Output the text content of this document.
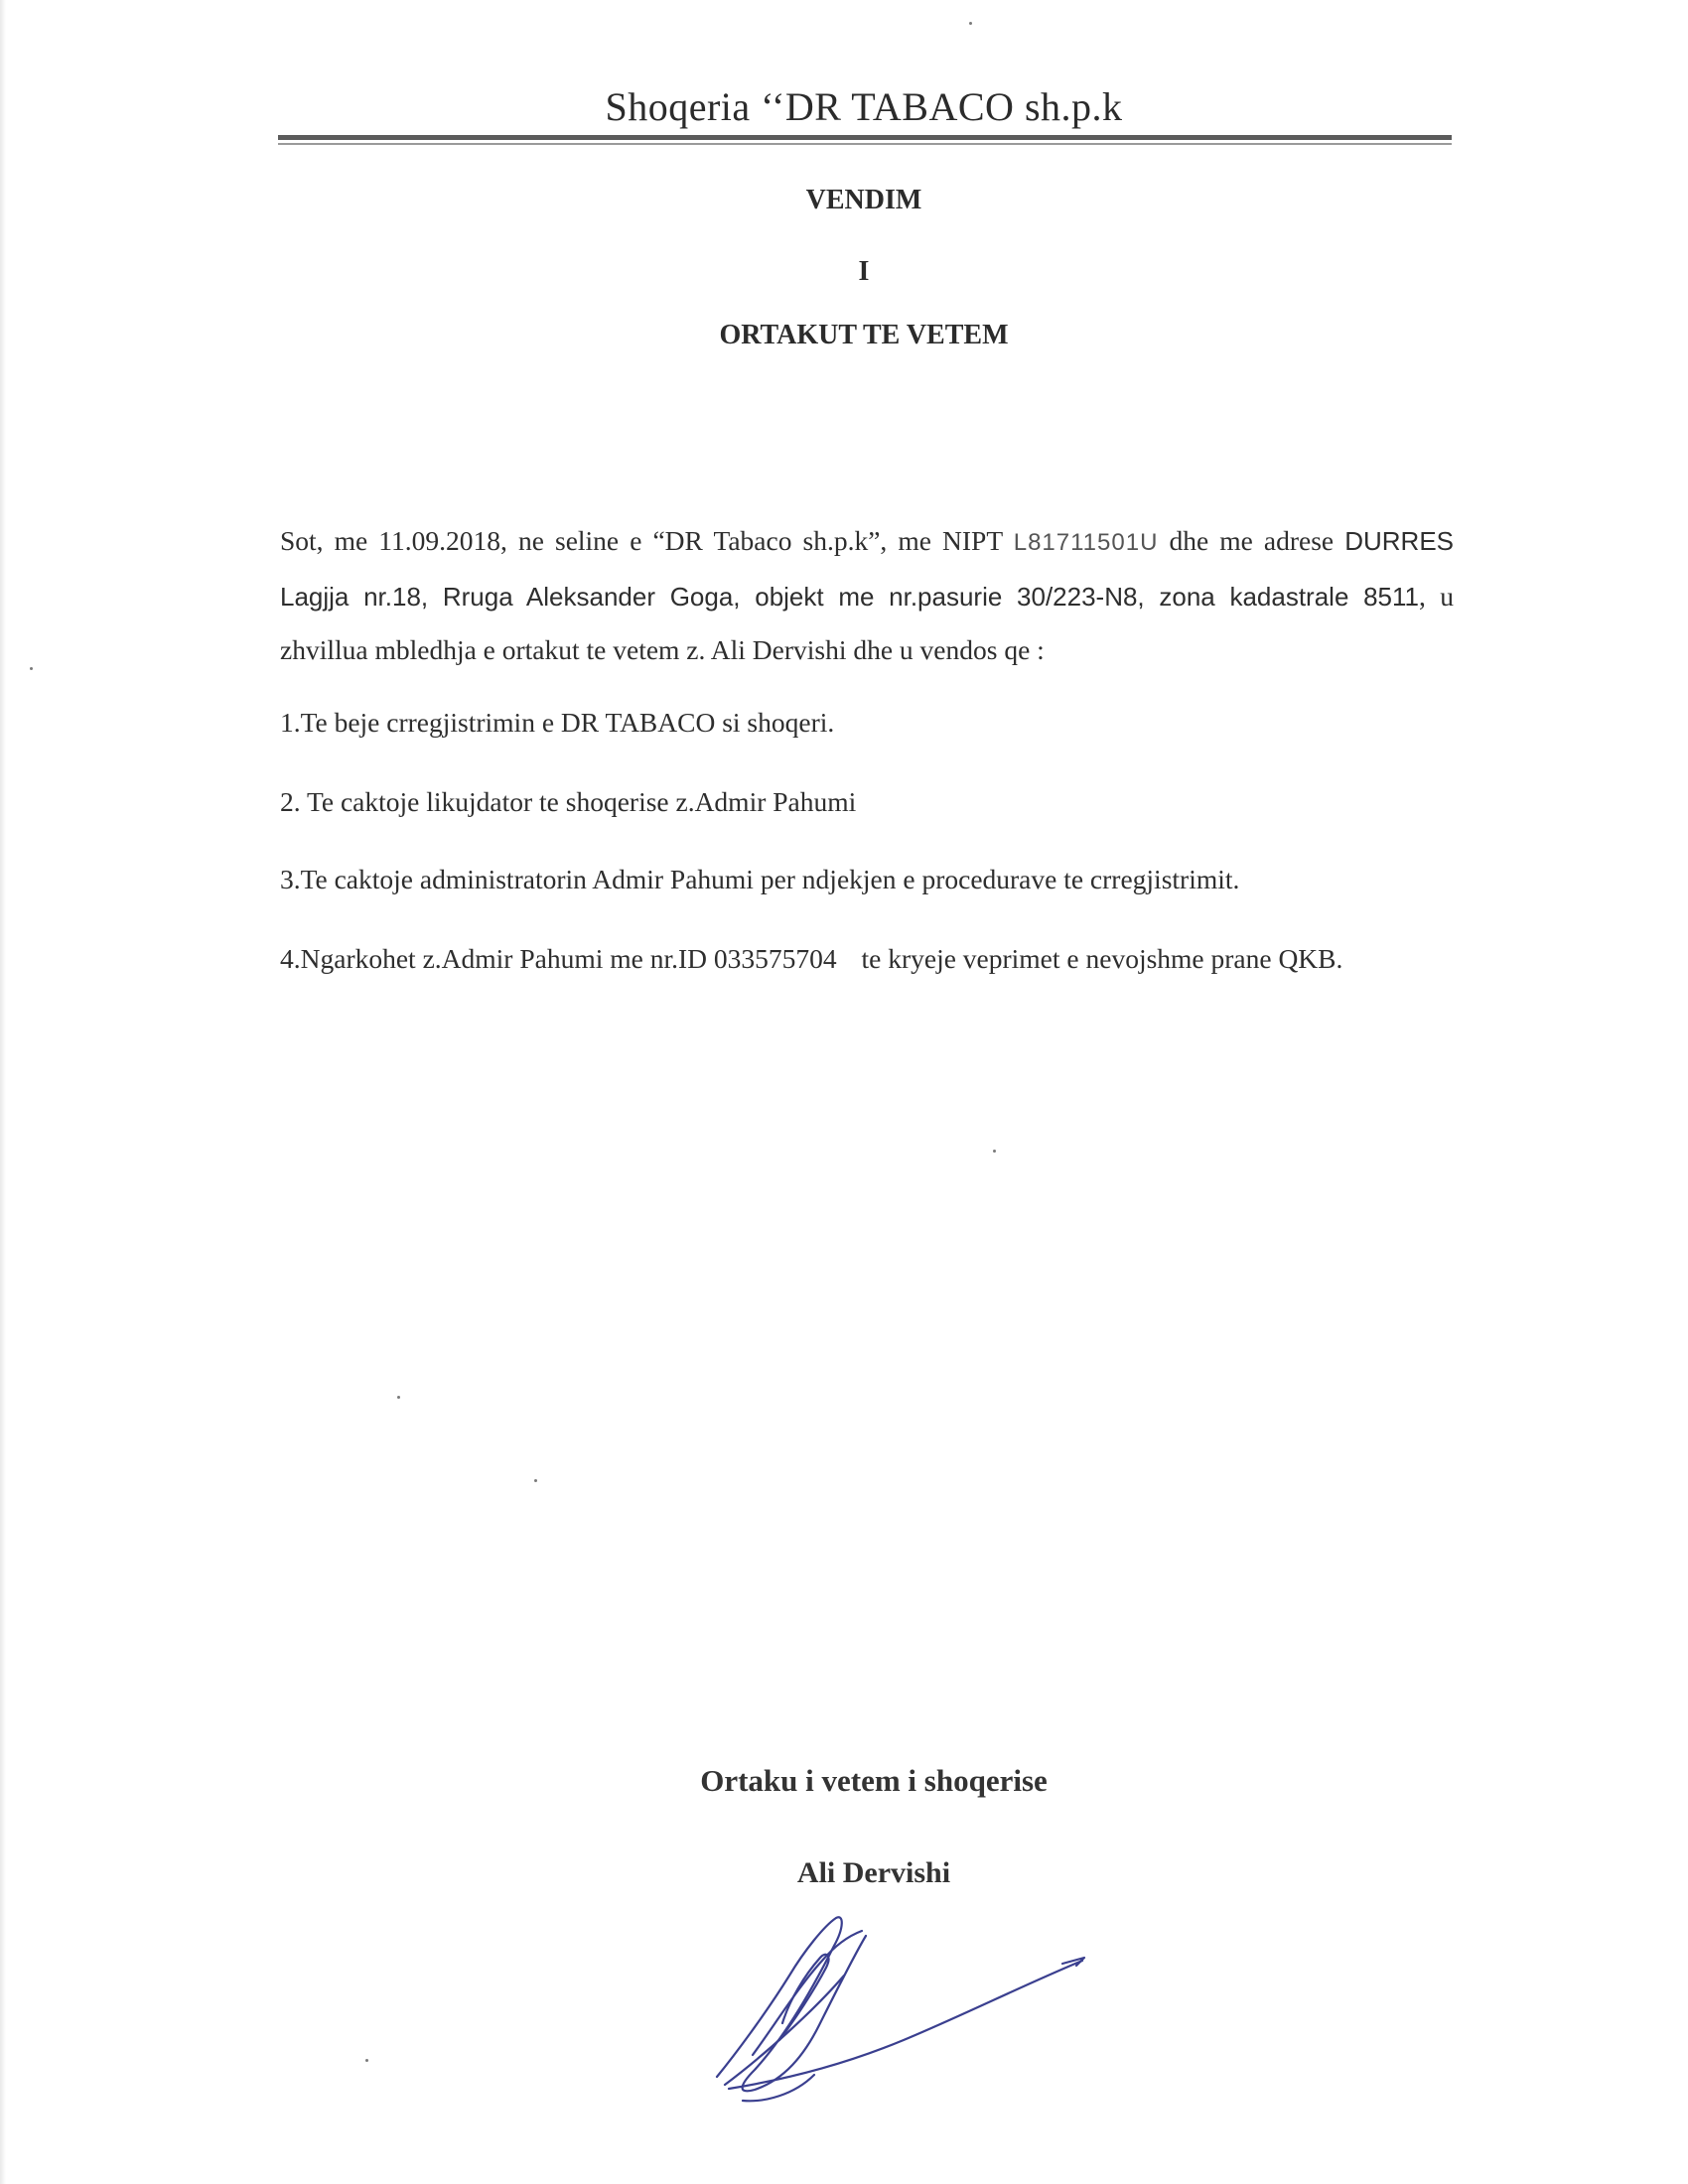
Shoqeria ‘‘DR TABACO sh.p.k
VENDIM
I
ORTAKUT TE VETEM
Sot, me 11.09.2018, ne seline e “DR Tabaco sh.p.k”, me NIPT L81711501U dhe me adrese DURRES Lagjja nr.18, Rruga Aleksander Goga, objekt me nr.pasurie 30/223-N8, zona kadastrale 8511, u zhvillua mbledhja e ortakut te vetem z. Ali Dervishi dhe u vendos qe :
1.Te beje crregjistrimin e DR TABACO si shoqeri.
2. Te caktoje likujdator te shoqerise z.Admir Pahumi
3.Te caktoje administratorin Admir Pahumi per ndjekjen e procedurave te crregjistrimit.
4.Ngarkohet z.Admir Pahumi me nr.ID 033575704 te kryeje veprimet e nevojshme prane QKB.
Ortaku i vetem i shoqerise
Ali Dervishi
